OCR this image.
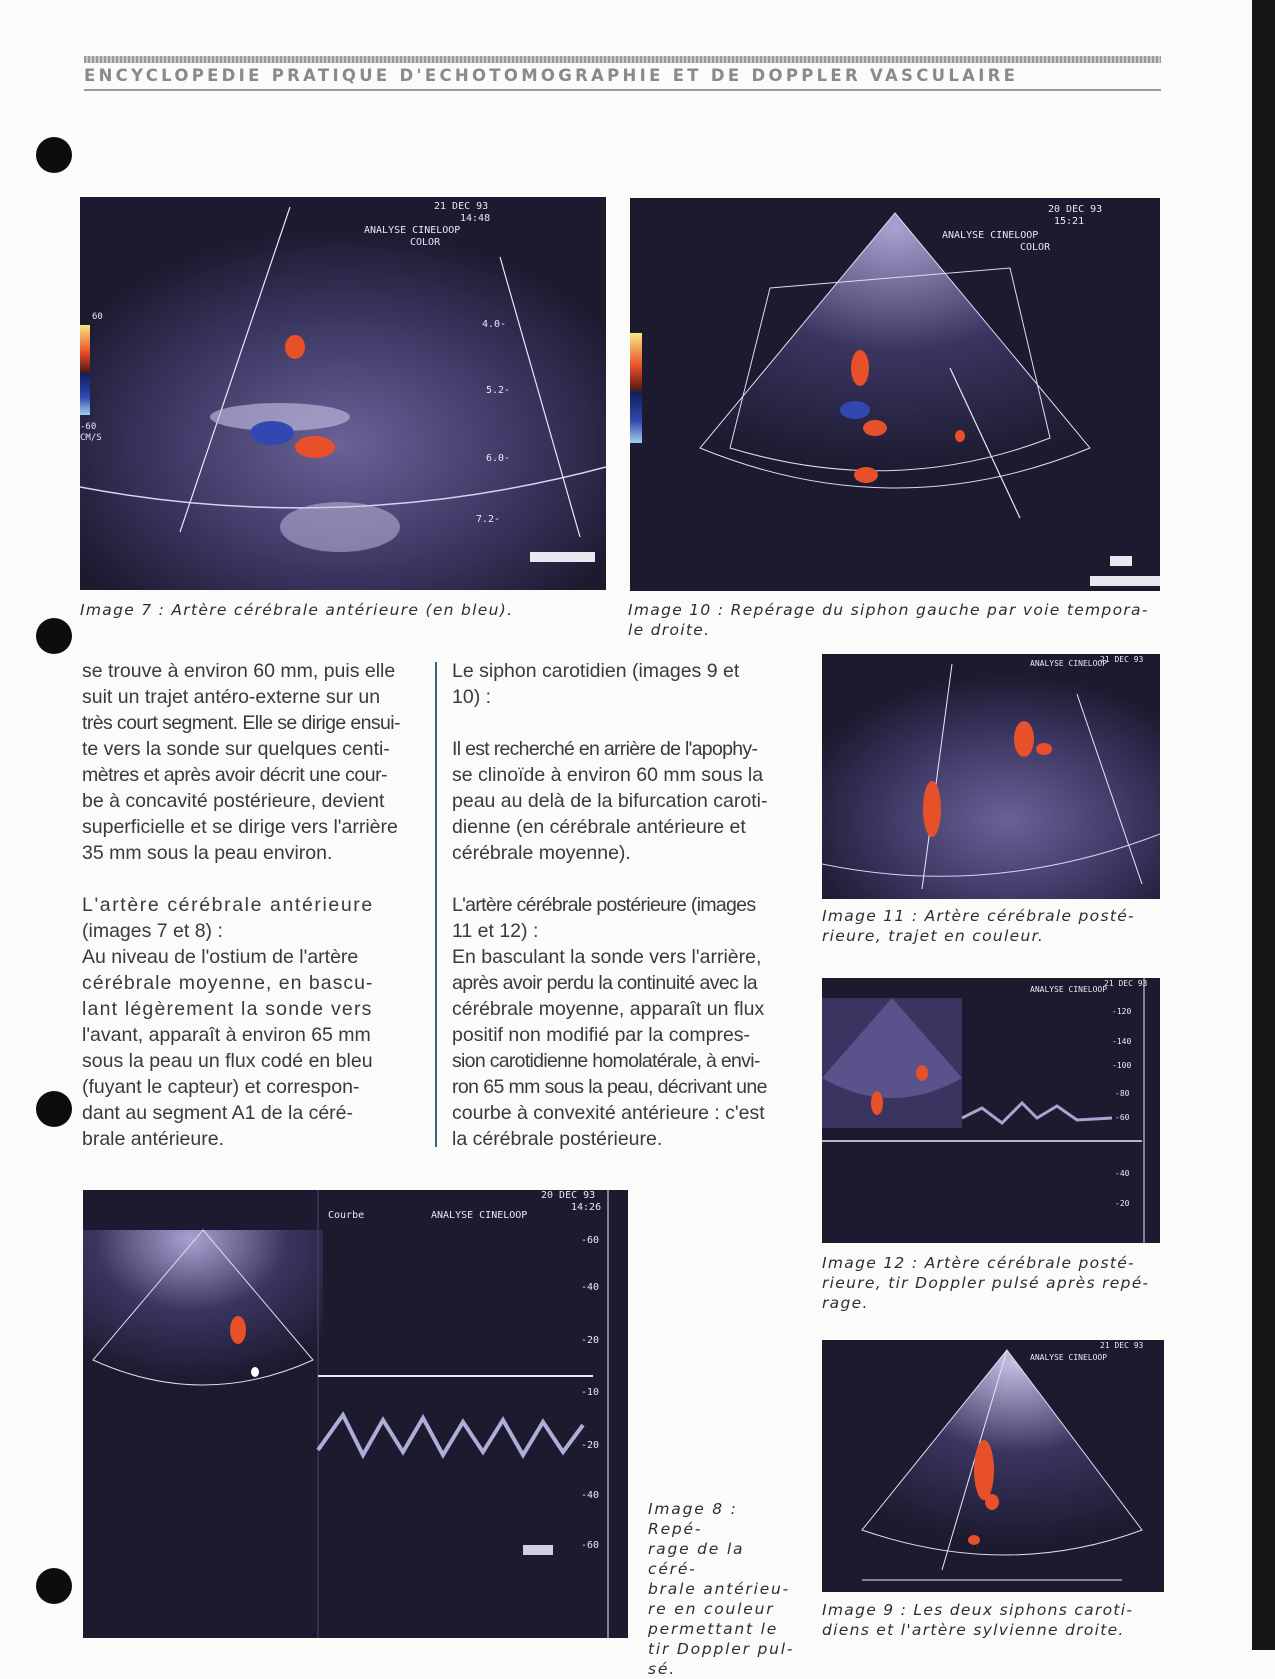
ENCYCLOPEDIE PRATIQUE D'ECHOTOMOGRAPHIE ET DE DOPPLER VASCULAIRE
21 DEC 93
14:48
ANALYSE CINELOOP
COLOR
4.0-
5.2-
6.0-
7.2-
60
-60
CM/S
Image 7 : Artère cérébrale antérieure (en bleu).
20 DEC 93
15:21
ANALYSE CINELOOP
COLOR
Image 10 : Repérage du siphon gauche par voie tempora-
le droite.

se trouve à environ 60 mm, puis elle
suit un trajet antéro-externe sur un
très court segment. Elle se dirige ensui-
te vers la sonde sur quelques centi-
mètres et après avoir décrit une cour-
be à concavité postérieure, devient
superficielle et se dirige vers l'arrière
35 mm sous la peau environ.

L'artère cérébrale antérieure
(images 7 et 8) :
Au niveau de l'ostium de l'artère
cérébrale moyenne, en bascu-
lant légèrement la sonde vers
l'avant, apparaît à environ 65 mm
sous la peau un flux codé en bleu
(fuyant le capteur) et correspon-
dant au segment A1 de la céré-
brale antérieure.

Le siphon carotidien (images 9 et
10) :

Il est recherché en arrière de l'apophy-
se clinoïde à environ 60 mm sous la
peau au delà de la bifurcation caroti-
dienne (en cérébrale antérieure et
cérébrale moyenne).

L'artère cérébrale postérieure (images
11 et 12) :
En basculant la sonde vers l'arrière,
après avoir perdu la continuité avec la
cérébrale moyenne, apparaît un flux
positif non modifié par la compres-
sion carotidienne homolatérale, à envi-
ron 65 mm sous la peau, décrivant une
courbe à convexité antérieure : c'est
la cérébrale postérieure.

ANALYSE CINELOOP
21 DEC 93
Image 11 : Artère cérébrale posté-
rieure, trajet en couleur.
ANALYSE CINELOOP
21 DEC 93
-120
-140
-100
-80
-60
-40
-20
Image 12 : Artère cérébrale posté-
rieure, tir Doppler pulsé après repé-
rage.
Courbe	ANALYSE CINELOOP
20 DEC 93
14:26
-60
-40
-20
-10
-20
-40
-60
Image 8 : Repé-
rage de la céré-
brale antérieu-
re en couleur
permettant le
tir Doppler pul-
sé.
ANALYSE CINELOOP
21 DEC 93
Image 9 : Les deux siphons caroti-
diens et l'artère sylvienne droite.
